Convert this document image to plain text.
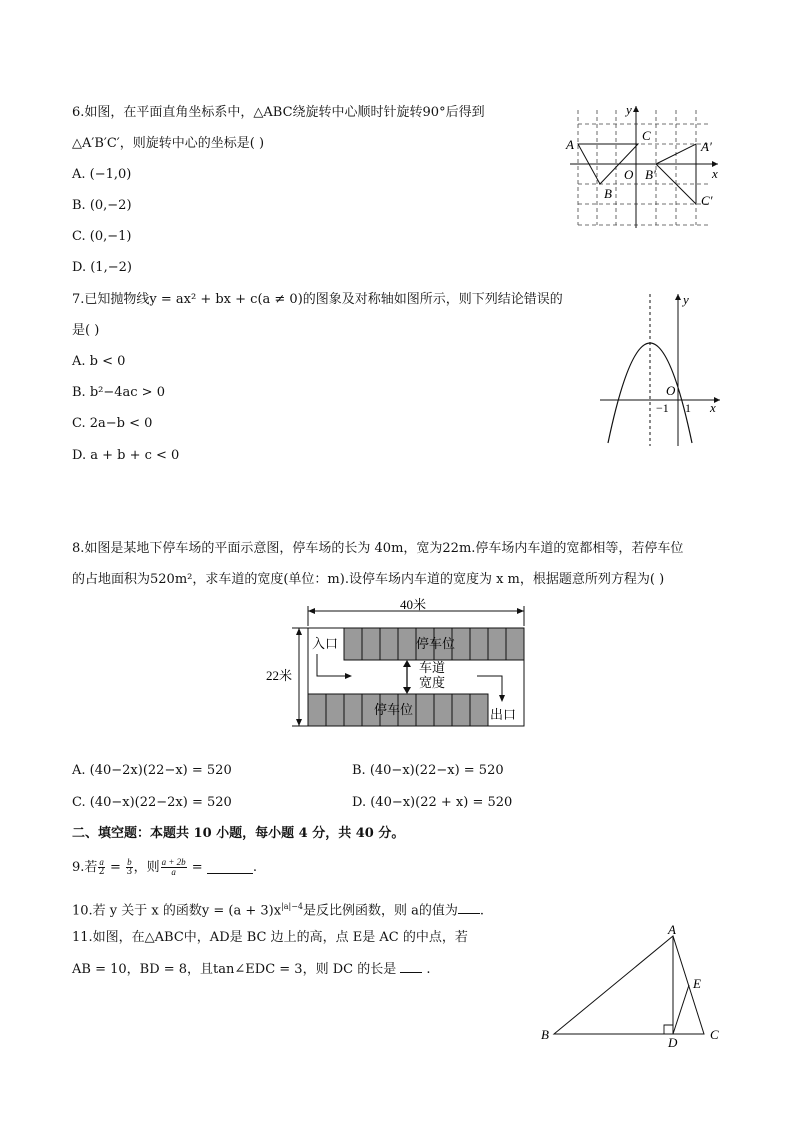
6.如图，在平面直角坐标系中，△ABC绕旋转中心顺时针旋转90°后得到
△A′B′C′，则旋转中心的坐标是( )
A. (−1,0)
B. (0,−2)
C. (0,−1)
D. (1,−2)
A
C
B
O B′
A′
C′
x
y
7.已知抛物线y = ax² + bx + c(a ≠ 0)的图象及对称轴如图所示，则下列结论错误的
是( )
A. b < 0
B. b²−4ac > 0
C. 2a−b < 0
D. a + b + c < 0
O
−1 1 x
y
8.如图是某地下停车场的平面示意图，停车场的长为 40m，宽为22m.停车场内车道的宽都相等，若停车位
的占地面积为520m²，求车道的宽度(单位：m).设停车场内车道的宽度为 x m，根据题意所列方程为( )
40米
22米
停车位
停车位
入口
出口
车道
宽度
A. (40−2x)(22−x) = 520	B. (40−x)(22−x) = 520
C. (40−x)(22−2x) = 520	D. (40−x)(22 + x) = 520
二、填空题：本题共 10 小题，每小题 4 分，共 40 分。
9.若 $\frac{a}{2} = \frac{b}{3}$ ，则 $\frac{a + 2b}{a}$ =	.
10.若 y 关于 x 的函数$y = (a + 3)x^{|a|-4}$是反比例函数，则 a的值为 .
11.如图，在△ABC中，AD是 BC 边上的高，点 E是 AC 的中点，若
AB = 10，BD = 8，且tan∠EDC = 3，则 DC 的长是 .
A
B
D
C
E
